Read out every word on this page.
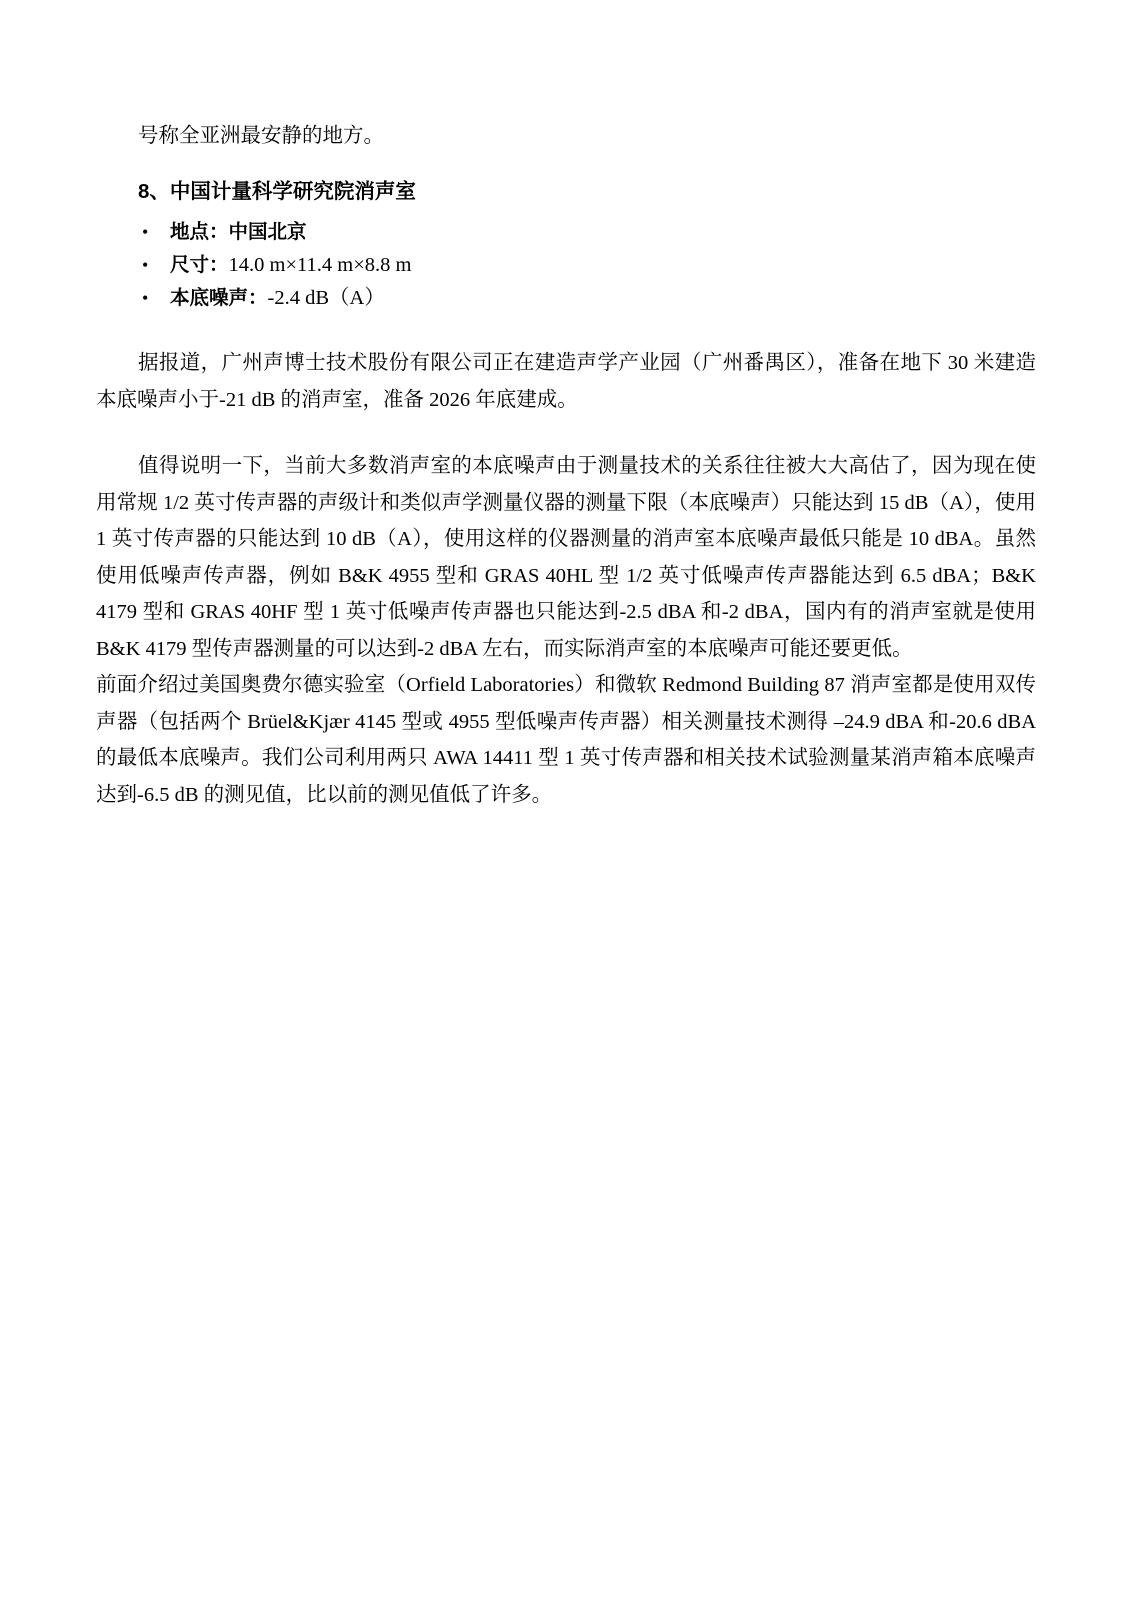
号称全亚洲最安静的地方。

8、中国计量科学研究院消声室
• 地点：中国北京
• 尺寸：14.0 m×11.4 m×8.8 m
• 本底噪声：-2.4 dB（A）

据报道，广州声博士技术股份有限公司正在建造声学产业园（广州番禺区），准备在地下 30 米建造本底噪声小于-21 dB 的消声室，准备 2026 年底建成。

值得说明一下，当前大多数消声室的本底噪声由于测量技术的关系往往被大大高估了，因为现在使用常规 1/2 英寸传声器的声级计和类似声学测量仪器的测量下限（本底噪声）只能达到 15 dB（A），使用 1 英寸传声器的只能达到 10 dB（A），使用这样的仪器测量的消声室本底噪声最低只能是 10 dBA。虽然使用低噪声传声器，例如 B&K 4955 型和 GRAS 40HL 型 1/2 英寸低噪声传声器能达到 6.5 dBA；B&K 4179 型和 GRAS 40HF 型 1 英寸低噪声传声器也只能达到-2.5 dBA 和-2 dBA，国内有的消声室就是使用 B&K 4179 型传声器测量的可以达到-2 dBA 左右，而实际消声室的本底噪声可能还要更低。

前面介绍过美国奥费尔德实验室（Orfield Laboratories）和微软 Redmond Building 87 消声室都是使用双传声器（包括两个 Brüel&Kjær 4145 型或 4955 型低噪声传声器）相关测量技术测得 –24.9 dBA 和-20.6 dBA 的最低本底噪声。我们公司利用两只 AWA 14411 型 1 英寸传声器和相关技术试验测量某消声箱本底噪声达到-6.5 dB 的测见值，比以前的测见值低了许多。
